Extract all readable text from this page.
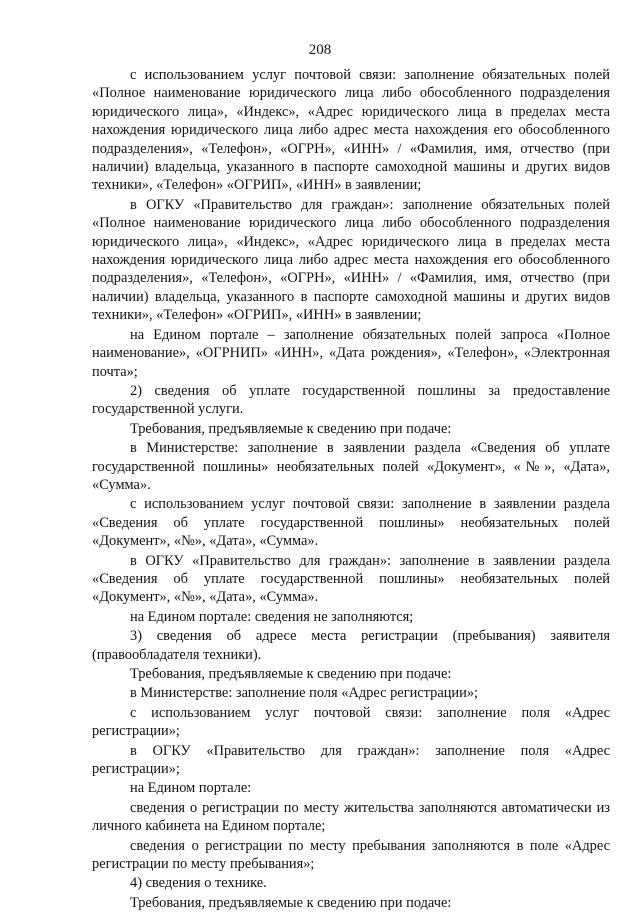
208

с использованием услуг почтовой связи: заполнение обязательных полей «Полное наименование юридического лица либо обособленного подразделения юридического лица», «Индекс», «Адрес юридического лица в пределах места нахождения юридического лица либо адрес места нахождения его обособленного подразделения», «Телефон», «ОГРН», «ИНН» / «Фамилия, имя, отчество (при наличии) владельца, указанного в паспорте самоходной машины и других видов техники», «Телефон» «ОГРИП», «ИНН» в заявлении;

в ОГКУ «Правительство для граждан»: заполнение обязательных полей «Полное наименование юридического лица либо обособленного подразделения юридического лица», «Индекс», «Адрес юридического лица в пределах места нахождения юридического лица либо адрес места нахождения его обособленного подразделения», «Телефон», «ОГРН», «ИНН» / «Фамилия, имя, отчество (при наличии) владельца, указанного в паспорте самоходной машины и других видов техники», «Телефон» «ОГРИП», «ИНН» в заявлении;

на Едином портале – заполнение обязательных полей запроса «Полное наименование», «ОГРНИП» «ИНН», «Дата рождения», «Телефон», «Электронная почта»;

2) сведения об уплате государственной пошлины за предоставление государственной услуги.

Требования, предъявляемые к сведению при подаче:

в Министерстве: заполнение в заявлении раздела «Сведения об уплате государственной пошлины» необязательных полей «Документ», «№», «Дата», «Сумма».

с использованием услуг почтовой связи: заполнение в заявлении раздела «Сведения об уплате государственной пошлины» необязательных полей «Документ», «№», «Дата», «Сумма».

в ОГКУ «Правительство для граждан»: заполнение в заявлении раздела «Сведения об уплате государственной пошлины» необязательных полей «Документ», «№», «Дата», «Сумма».

на Едином портале: сведения не заполняются;

3) сведения об адресе места регистрации (пребывания) заявителя (правообладателя техники).

Требования, предъявляемые к сведению при подаче:

в Министерстве: заполнение поля «Адрес регистрации»;

с использованием услуг почтовой связи: заполнение поля «Адрес регистрации»;

в ОГКУ «Правительство для граждан»: заполнение поля «Адрес регистрации»;

на Едином портале:

сведения о регистрации по месту жительства заполняются автоматически из личного кабинета на Едином портале;

сведения о регистрации по месту пребывания заполняются в поле «Адрес регистрации по месту пребывания»;

4) сведения о технике.

Требования, предъявляемые к сведению при подаче:
